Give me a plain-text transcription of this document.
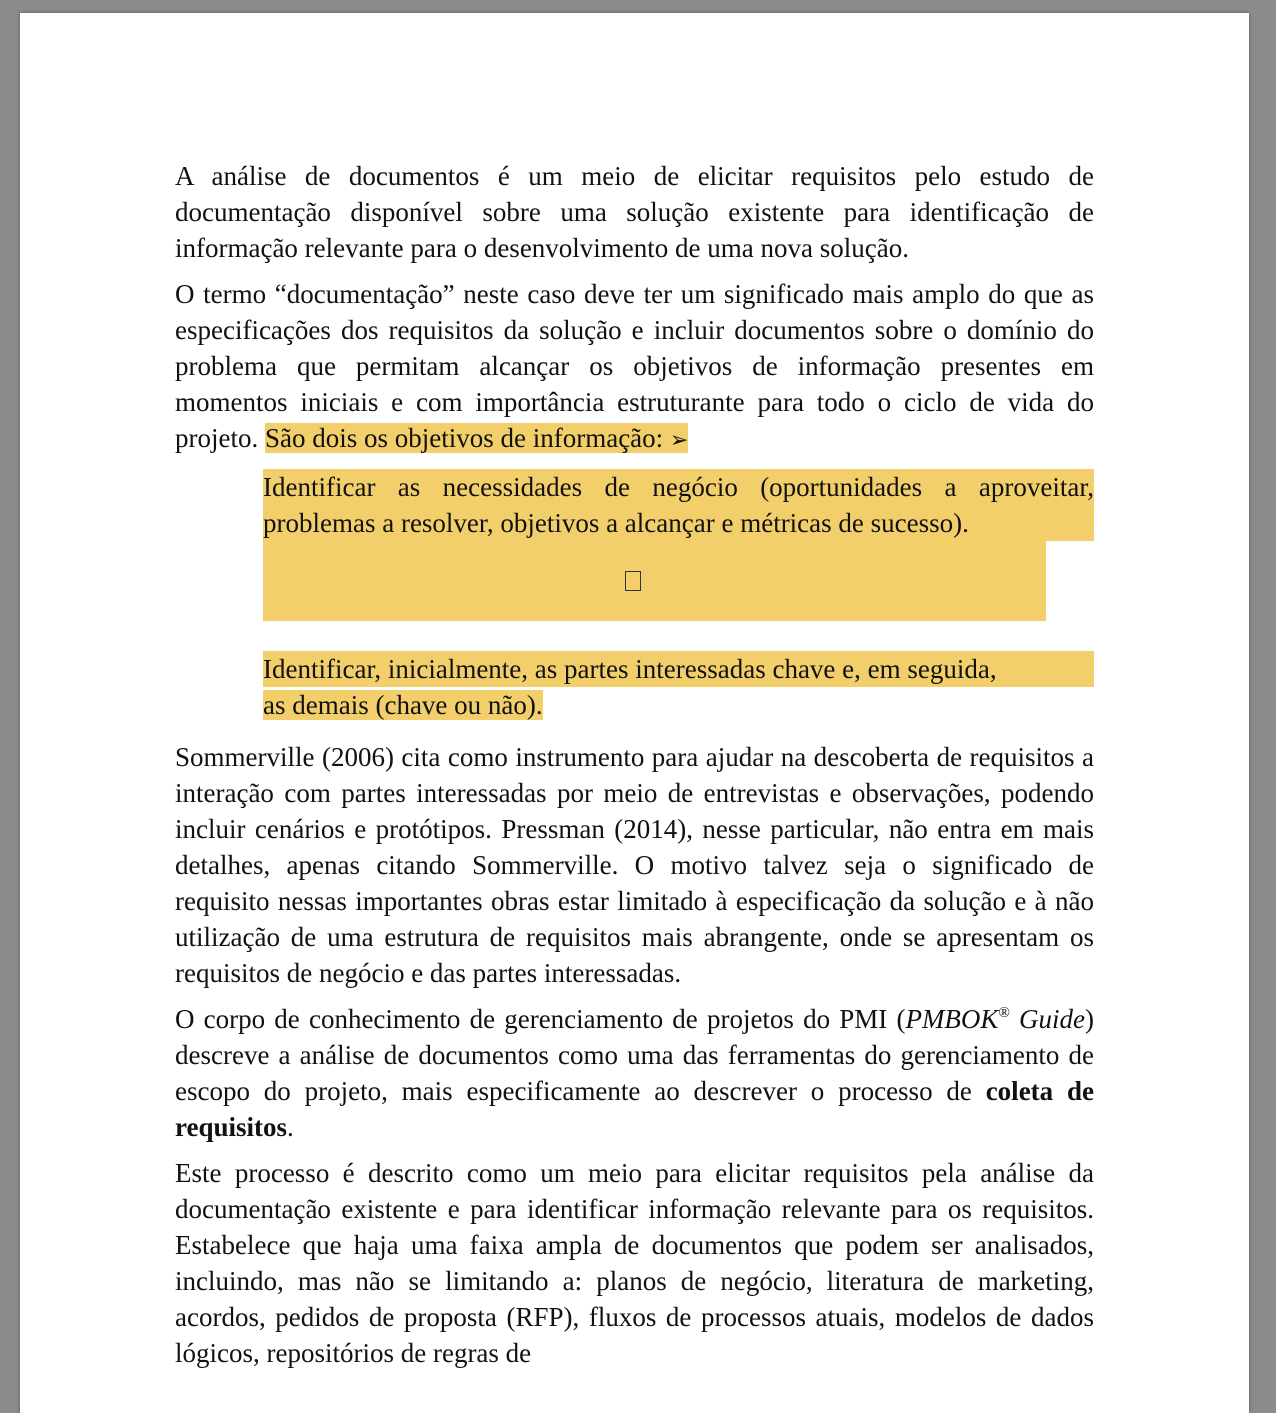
A análise de documentos é um meio de elicitar requisitos pelo estudo de documentação disponível sobre uma solução existente para identificação de informação relevante para o desenvolvimento de uma nova solução.

O termo “documentação” neste caso deve ter um significado mais amplo do que as especificações dos requisitos da solução e incluir documentos sobre o domínio do problema que permitam alcançar os objetivos de informação presentes em momentos iniciais e com importância estruturante para todo o ciclo de vida do projeto. São dois os objetivos de informação: ➢

Identificar as necessidades de negócio (oportunidades a aproveitar, problemas a resolver, objetivos a alcançar e métricas de sucesso).
Identificar, inicialmente, as partes interessadas chave e, em seguida,
as demais (chave ou não).

Sommerville (2006) cita como instrumento para ajudar na descoberta de requisitos a interação com partes interessadas por meio de entrevistas e observações, podendo incluir cenários e protótipos. Pressman (2014), nesse particular, não entra em mais detalhes, apenas citando Sommerville. O motivo talvez seja o significado de requisito nessas importantes obras estar limitado à especificação da solução e à não utilização de uma estrutura de requisitos mais abrangente, onde se apresentam os requisitos de negócio e das partes interessadas.

O corpo de conhecimento de gerenciamento de projetos do PMI (PMBOK® Guide) descreve a análise de documentos como uma das ferramentas do gerenciamento de escopo do projeto, mais especificamente ao descrever o processo de coleta de requisitos.

Este processo é descrito como um meio para elicitar requisitos pela análise da documentação existente e para identificar informação relevante para os requisitos. Estabelece que haja uma faixa ampla de documentos que podem ser analisados, incluindo, mas não se limitando a: planos de negócio, literatura de marketing, acordos, pedidos de proposta (RFP), fluxos de processos atuais, modelos de dados lógicos, repositórios de regras de
